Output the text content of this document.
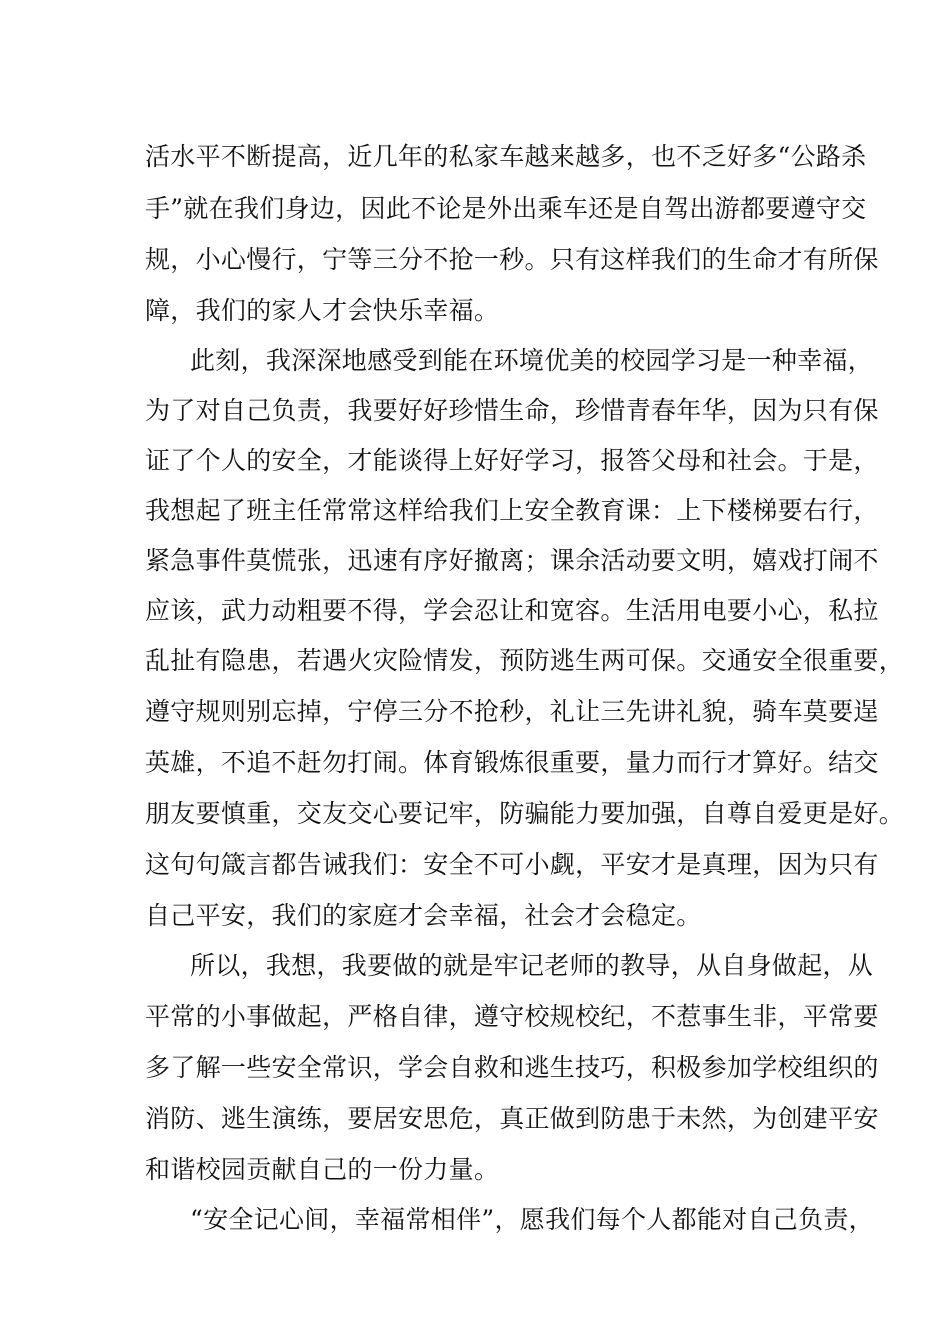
活水平不断提高，近几年的私家车越来越多，也不乏好多“公路杀
手”就在我们身边，因此不论是外出乘车还是自驾出游都要遵守交
规，小心慢行，宁等三分不抢一秒。只有这样我们的生命才有所保
障，我们的家人才会快乐幸福。
此刻，我深深地感受到能在环境优美的校园学习是一种幸福，
为了对自己负责，我要好好珍惜生命，珍惜青春年华，因为只有保
证了个人的安全，才能谈得上好好学习，报答父母和社会。于是，
我想起了班主任常常这样给我们上安全教育课：上下楼梯要右行，
紧急事件莫慌张，迅速有序好撤离；课余活动要文明，嬉戏打闹不
应该，武力动粗要不得，学会忍让和宽容。生活用电要小心，私拉
乱扯有隐患，若遇火灾险情发，预防逃生两可保。交通安全很重要，
遵守规则别忘掉，宁停三分不抢秒，礼让三先讲礼貌，骑车莫要逞
英雄，不追不赶勿打闹。体育锻炼很重要，量力而行才算好。结交
朋友要慎重，交友交心要记牢，防骗能力要加强，自尊自爱更是好。
这句句箴言都告诫我们：安全不可小觑，平安才是真理，因为只有
自己平安，我们的家庭才会幸福，社会才会稳定。
所以，我想，我要做的就是牢记老师的教导，从自身做起，从
平常的小事做起，严格自律，遵守校规校纪，不惹事生非，平常要
多了解一些安全常识，学会自救和逃生技巧，积极参加学校组织的
消防、逃生演练，要居安思危，真正做到防患于未然，为创建平安
和谐校园贡献自己的一份力量。
“安全记心间，幸福常相伴”，愿我们每个人都能对自己负责，
